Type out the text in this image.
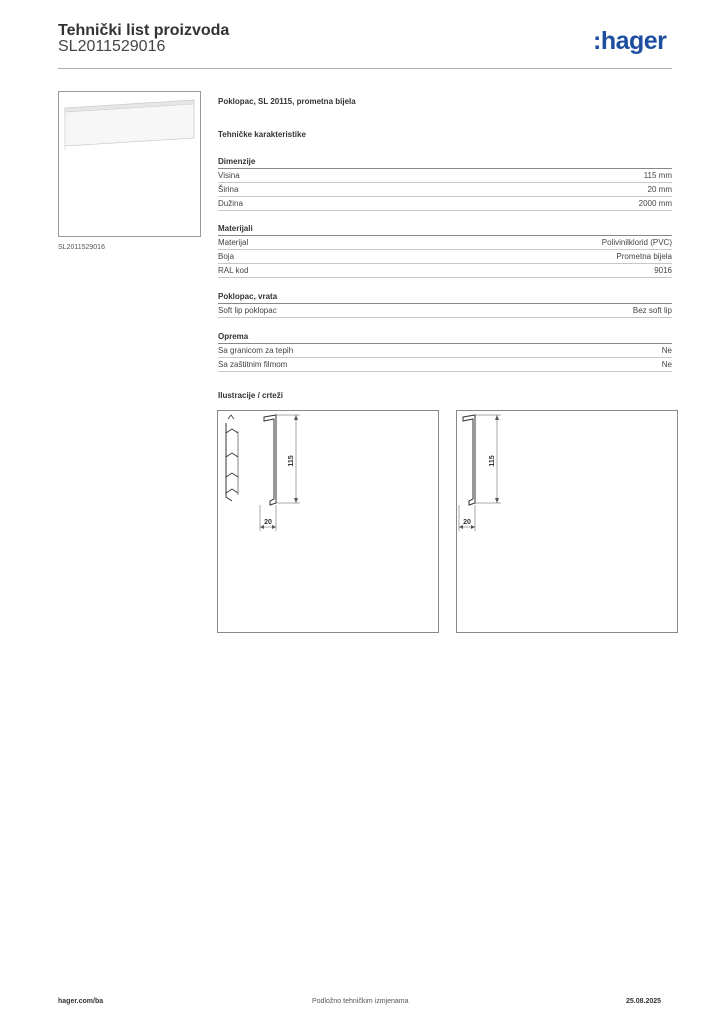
Tehnički list proizvoda
SL2011529016	:hager
SL2011529016
Poklopac, SL 20115, prometna bijela
Tehničke karakteristike
Dimenzije
Visina	115 mm
Širina	20 mm
Dužina	2000 mm
Materijali
Materijal	Polivinilklorid (PVC)
Boja	Prometna bijela
RAL kod	9016
Poklopac, vrata
Soft lip poklopac	Bez soft lip
Oprema
Sa granicom za tepih	Ne
Sa zaštitnim filmom	Ne
Ilustracije / crteži
115
20
115
20
hager.com/ba	Podložno tehničkim izmjenama	25.08.2025
